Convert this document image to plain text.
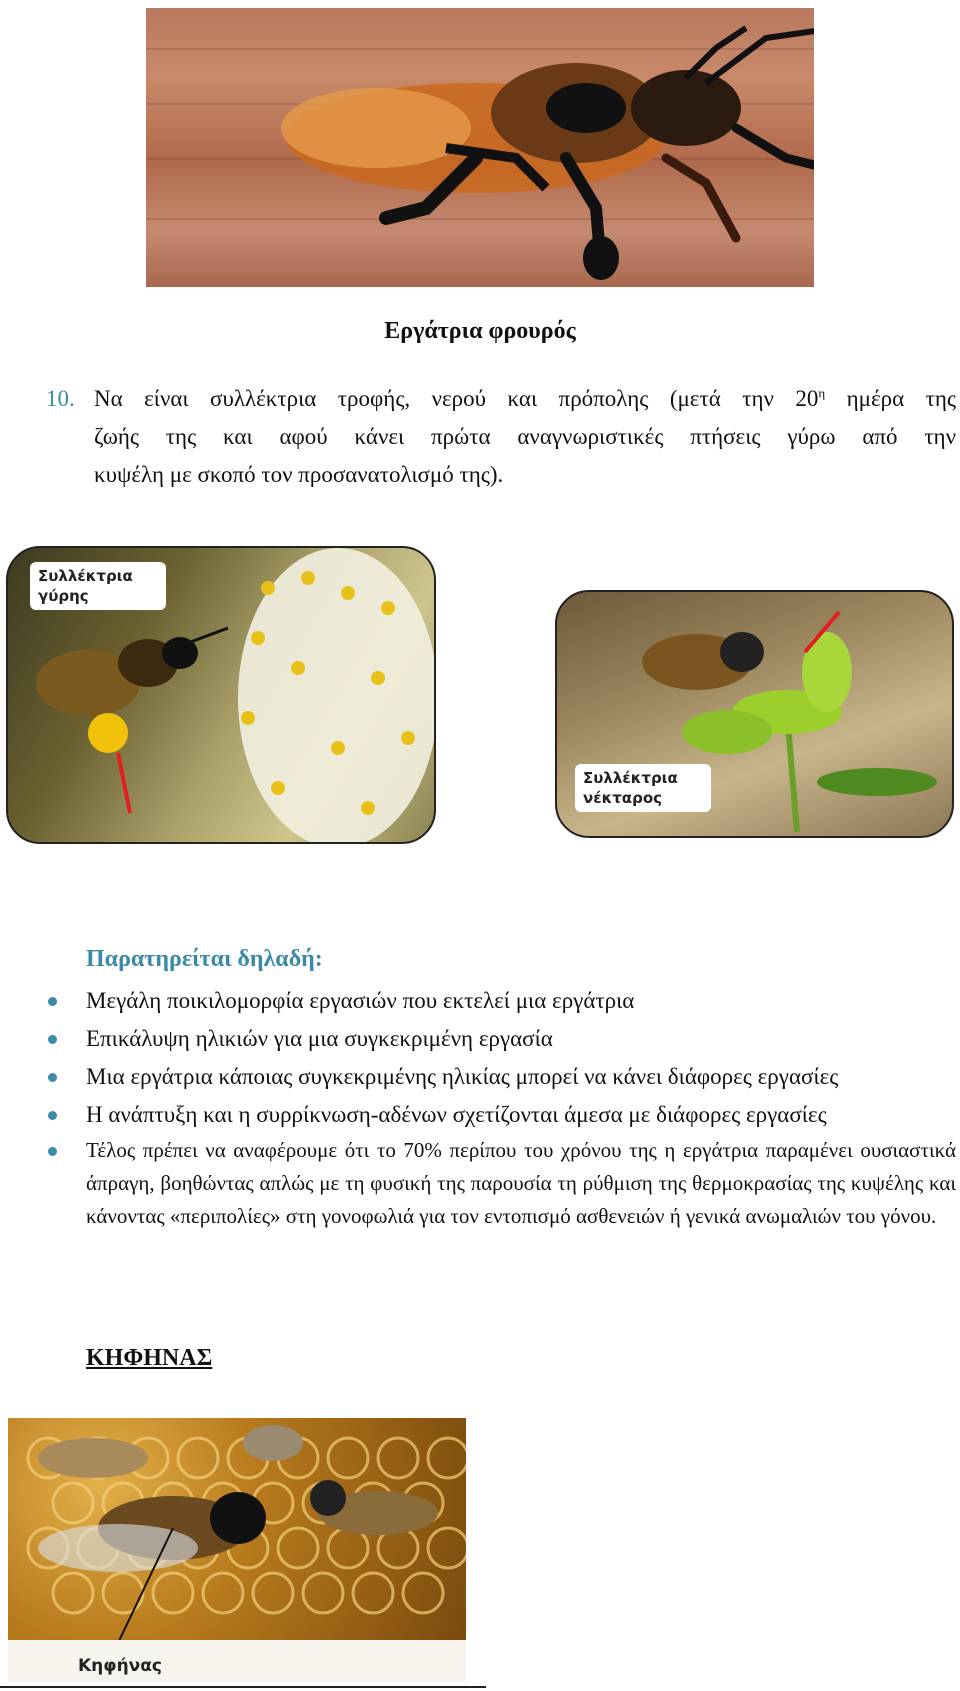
Εργάτρια φρουρός
10. Να είναι συλλέκτρια τροφής, νερού και πρόπολης (μετά την $20^\eta$ ημέρα της

ζωής της και αφού κάνει πρώτα αναγνωριστικές πτήσεις γύρω από την

κυψέλη με σκοπό τον προσανατολισμό της).

Συλλέκτρια γύρης
Συλλέκτρια νέκταρος
Παρατηρείται δηλαδή:
Μεγάλη ποικιλομορφία εργασιών που εκτελεί μια εργάτρια
Επικάλυψη ηλικιών για μια συγκεκριμένη εργασία
Μια εργάτρια κάποιας συγκεκριμένης ηλικίας μπορεί να κάνει διάφορες εργασίες
Η ανάπτυξη και η συρρίκνωση-αδένων σχετίζονται άμεσα με διάφορες εργασίες
Τέλος πρέπει να αναφέρουμε ότι το 70% περίπου του χρόνου της η εργάτρια παραμένει ουσιαστικά άπραγη, βοηθώντας απλώς με τη φυσική της παρουσία τη ρύθμιση της θερμοκρασίας της κυψέλης και κάνοντας «περιπολίες» στη γονοφωλιά για τον εντοπισμό ασθενειών ή γενικά ανωμαλιών του γόνου.
ΚΗΦΗΝΑΣ
Κηφήνας
